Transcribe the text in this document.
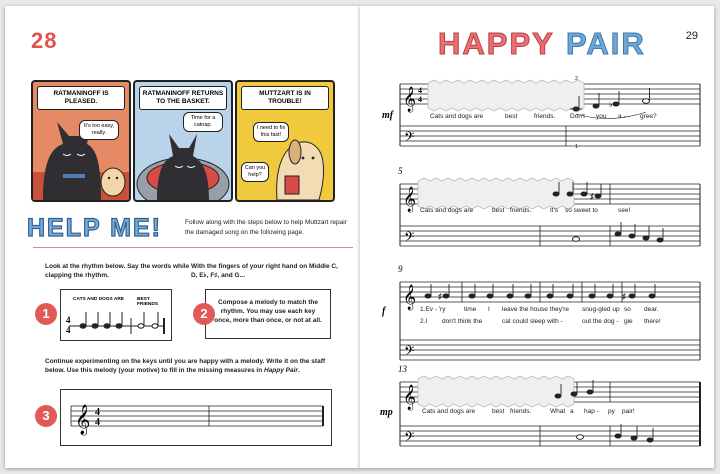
28
RATMANINOFF IS PLEASED.
It's too easy, really.
RATMANINOFF RETURNS TO THE BASKET.
Time for a catnap.
MUTTZART IS IN TROUBLE!
I need to fix this fast!
Can you help?
HELP ME!	Follow along with the steps below to help Muttzart repair the damaged song on the following page.
Look at the rhythm below. Say the words while clapping the rhythm.
CATS AND DOGS ARE	BEST FRIENDS
4
4
1
With the fingers of your right hand on Middle C, D, E♭, F♯, and G...
Compose a melody to match the rhythm. You may use each key once, more than once, or not at all.
2
Continue experimenting on the keys until you are happy with a melody. Write it on the staff below. Use this melody (your motive) to fill in the missing measures in Happy Pair.
𝄞 4
4
3
HAPPY PAIR	29
𝄞
𝄢
4
4
♭
𝄞
𝄢
♯
𝄞
𝄢
♯	♯
𝄞
𝄢
mf
2
1
Cats and dogs are	best	friends. Don't you a - gree?
5
Cats and dogs are	best friends.	It's so sweet to	see!
9
f	1.Ev - 'ry	time I leave the house they're snug-gled up so dear.
2.I don't think the	cat could sleep with -	out the dog - gie there!
13
mp	Cats and dogs are	best friends.	What a hap - py pair!
